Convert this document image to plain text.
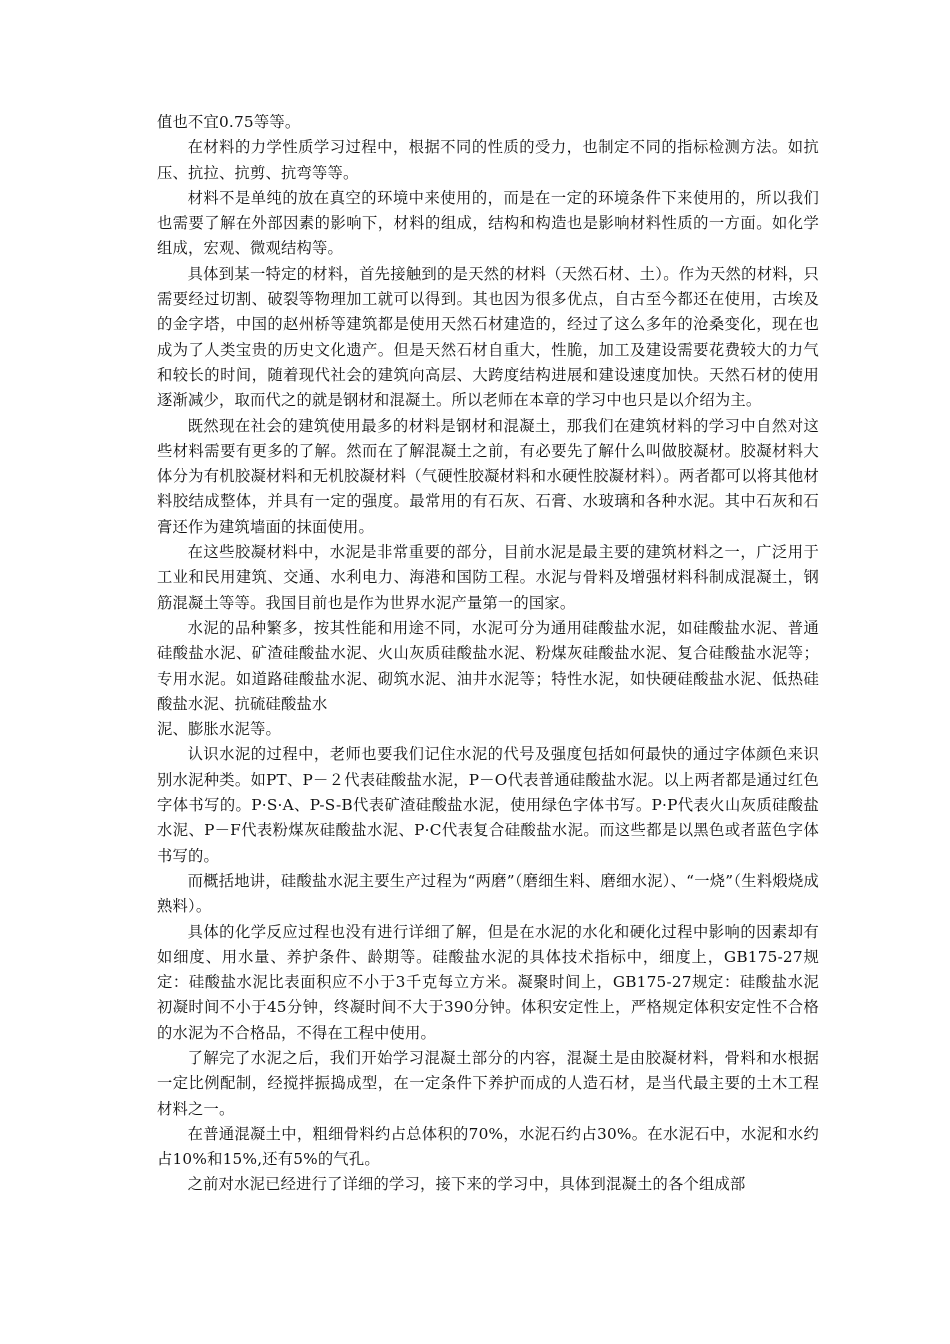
值也不宜0.75等等。

在材料的力学性质学习过程中，根据不同的性质的受力，也制定不同的指标检测方法。如抗压、抗拉、抗剪、抗弯等等。

材料不是单纯的放在真空的环境中来使用的，而是在一定的环境条件下来使用的，所以我们也需要了解在外部因素的影响下，材料的组成，结构和构造也是影响材料性质的一方面。如化学组成，宏观、微观结构等。

具体到某一特定的材料，首先接触到的是天然的材料（天然石材、土）。作为天然的材料，只需要经过切割、破裂等物理加工就可以得到。其也因为很多优点，自古至今都还在使用，古埃及的金字塔，中国的赵州桥等建筑都是使用天然石材建造的，经过了这么多年的沧桑变化，现在也成为了人类宝贵的历史文化遗产。但是天然石材自重大，性脆，加工及建设需要花费较大的力气和较长的时间，随着现代社会的建筑向高层、大跨度结构进展和建设速度加快。天然石材的使用逐渐减少，取而代之的就是钢材和混凝土。所以老师在本章的学习中也只是以介绍为主。

既然现在社会的建筑使用最多的材料是钢材和混凝土，那我们在建筑材料的学习中自然对这些材料需要有更多的了解。然而在了解混凝土之前，有必要先了解什么叫做胶凝材。胶凝材料大体分为有机胶凝材料和无机胶凝材料（气硬性胶凝材料和水硬性胶凝材料）。两者都可以将其他材料胶结成整体，并具有一定的强度。最常用的有石灰、石膏、水玻璃和各种水泥。其中石灰和石膏还作为建筑墙面的抹面使用。

在这些胶凝材料中，水泥是非常重要的部分，目前水泥是最主要的建筑材料之一，广泛用于工业和民用建筑、交通、水利电力、海港和国防工程。水泥与骨料及增强材料科制成混凝土，钢筋混凝土等等。我国目前也是作为世界水泥产量第一的国家。

水泥的品种繁多，按其性能和用途不同，水泥可分为通用硅酸盐水泥，如硅酸盐水泥、普通硅酸盐水泥、矿渣硅酸盐水泥、火山灰质硅酸盐水泥、粉煤灰硅酸盐水泥、复合硅酸盐水泥等；专用水泥。如道路硅酸盐水泥、砌筑水泥、油井水泥等；特性水泥，如快硬硅酸盐水泥、低热硅酸盐水泥、抗硫硅酸盐水

泥、膨胀水泥等。

认识水泥的过程中，老师也要我们记住水泥的代号及强度包括如何最快的通过字体颜色来识别水泥种类。如PT、P－２代表硅酸盐水泥，P－O代表普通硅酸盐水泥。以上两者都是通过红色字体书写的。P·S·A、P-S-B代表矿渣硅酸盐水泥，使用绿色字体书写。P·P代表火山灰质硅酸盐水泥、P－F代表粉煤灰硅酸盐水泥、P·C代表复合硅酸盐水泥。而这些都是以黑色或者蓝色字体书写的。

而概括地讲，硅酸盐水泥主要生产过程为“两磨”（磨细生料、磨细水泥）、“一烧”（生料煅烧成熟料）。

具体的化学反应过程也没有进行详细了解，但是在水泥的水化和硬化过程中影响的因素却有如细度、用水量、养护条件、龄期等。硅酸盐水泥的具体技术指标中，细度上，GB175-27规定：硅酸盐水泥比表面积应不小于3千克每立方米。凝聚时间上，GB175-27规定：硅酸盐水泥初凝时间不小于45分钟，终凝时间不大于390分钟。体积安定性上，严格规定体积安定性不合格的水泥为不合格品，不得在工程中使用。

了解完了水泥之后，我们开始学习混凝土部分的内容，混凝土是由胶凝材料，骨料和水根据一定比例配制，经搅拌振捣成型，在一定条件下养护而成的人造石材，是当代最主要的土木工程材料之一。

在普通混凝土中，粗细骨料约占总体积的70%，水泥石约占30%。在水泥石中，水泥和水约占10%和15%,还有5%的气孔。

之前对水泥已经进行了详细的学习，接下来的学习中，具体到混凝土的各个组成部
